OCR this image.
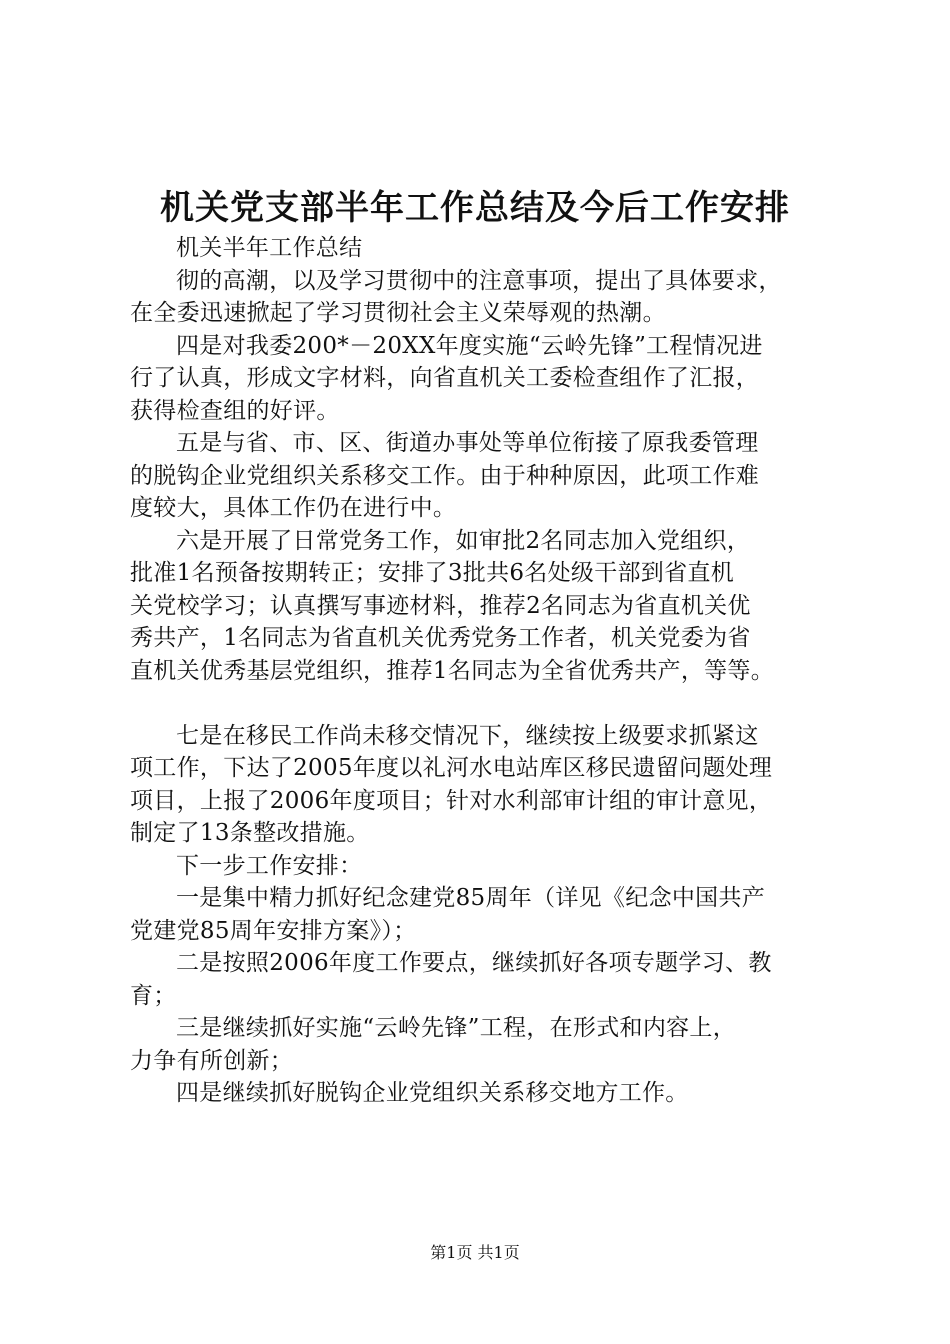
机关党支部半年工作总结及今后工作安排

机关半年工作总结

彻的高潮，以及学习贯彻中的注意事项，提出了具体要求，
在全委迅速掀起了学习贯彻社会主义荣辱观的热潮。

四是对我委200*－20XX年度实施“云岭先锋”工程情况进
行了认真，形成文字材料，向省直机关工委检查组作了汇报，
获得检查组的好评。

五是与省、市、区、街道办事处等单位衔接了原我委管理
的脱钩企业党组织关系移交工作。由于种种原因，此项工作难
度较大，具体工作仍在进行中。

六是开展了日常党务工作，如审批2名同志加入党组织，
批准1名预备按期转正；安排了3批共6名处级干部到省直机
关党校学习；认真撰写事迹材料，推荐2名同志为省直机关优
秀共产，1名同志为省直机关优秀党务工作者，机关党委为省
直机关优秀基层党组织，推荐1名同志为全省优秀共产，等等。

七是在移民工作尚未移交情况下，继续按上级要求抓紧这
项工作，下达了2005年度以礼河水电站库区移民遗留问题处理
项目，上报了2006年度项目；针对水利部审计组的审计意见，
制定了13条整改措施。

下一步工作安排：

一是集中精力抓好纪念建党85周年（详见《纪念中国共产
党建党85周年安排方案》）；

二是按照2006年度工作要点，继续抓好各项专题学习、教
育；

三是继续抓好实施“云岭先锋”工程，在形式和内容上，
力争有所创新；

四是继续抓好脱钩企业党组织关系移交地方工作。

第1页 共1页
